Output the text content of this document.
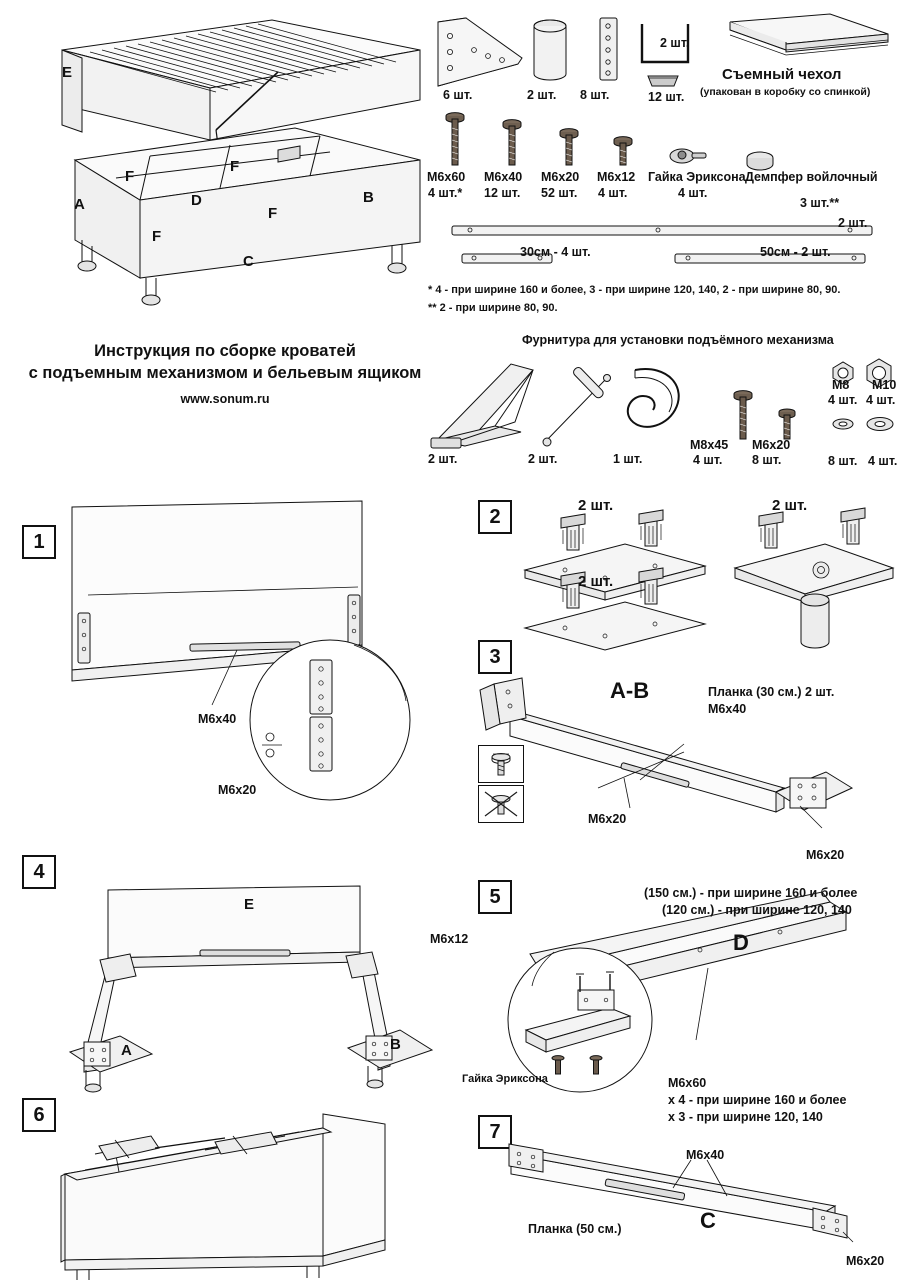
E
F
F
F
F
D	B
A
C
Инструкция по сборке кроватей
с подъемным механизмом и бельевым ящиком
www.sonum.ru
6 шт.	2 шт. 8 шт.
2 шт.
12 шт.
Съемный чехол
(упакован в коробку со спинкой)
M6x60
4 шт.*
M6x40
12 шт.
M6x20
52 шт.
M6x12
4 шт.
Гайка Эриксона
4 шт.
Демпфер войлочный
3 шт.**
2 шт.
30см - 4 шт.	50см - 2 шт.
* 4 - при ширине 160 и более, 3 - при ширине 120, 140, 2 - при ширине 80, 90.
** 2 - при ширине 80, 90.
Фурнитура для установки подъёмного механизма
2 шт.	2 шт.	1 шт.
M8x45
4 шт.
M6x20
8 шт.
M8
4 шт.
M10
4 шт.
8 шт. 4 шт.
1
M6x40
M6x20
2	2 шт.	2 шт.
2 шт.
3
A-B	Планка (30 см.) 2 шт.
M6x40
M6x20
M6x20
4
E
A	B
5	(150 см.) - при ширине 160 и более
(120 см.) - при ширине 120, 140
D
M6x12
Гайка Эриксона	M6x60
x 4 - при ширине 160 и более
x 3 - при ширине 120, 140
6
7
M6x40
Планка (50 см.)	C
M6x20
